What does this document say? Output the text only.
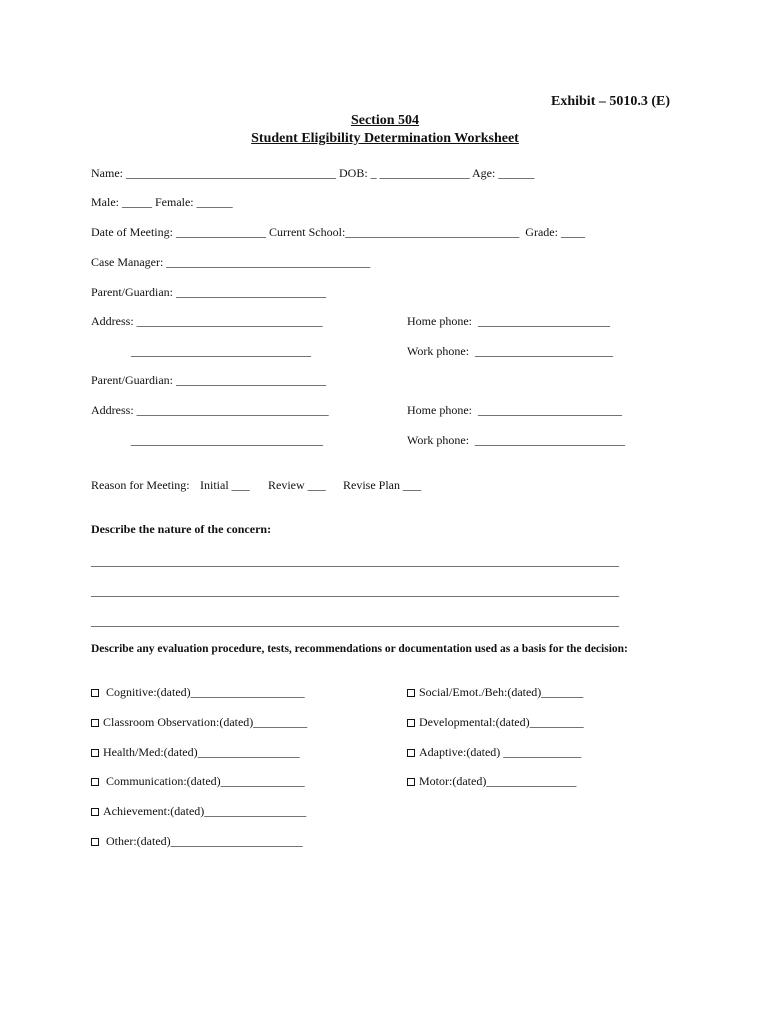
Exhibit – 5010.3 (E)
Section 504
Student Eligibility Determination Worksheet
Name: ___________________________________ DOB: _ _______________ Age: ______
Male: _____ Female: ______
Date of Meeting: _______________ Current School:_____________________________  Grade: ____
Case Manager: __________________________________
Parent/Guardian: _________________________
Address: _______________________________	Home phone:  ______________________
______________________________	Work phone:  _______________________
Parent/Guardian: _________________________
Address: ________________________________	Home phone:  ________________________
________________________________	Work phone:  _________________________
Reason for Meeting: Initial ___ Review ___ Revise Plan ___
Describe the nature of the concern:
________________________________________________________________________________________
________________________________________________________________________________________
________________________________________________________________________________________
Describe any evaluation procedure, tests, recommendations or documentation used as a basis for the decision:
Cognitive:(dated)___________________
Classroom Observation:(dated)_________
Health/Med:(dated)_________________
Communication:(dated)______________
Achievement:(dated)_________________
Other:(dated)______________________
Social/Emot./Beh:(dated)_______
Developmental:(dated)_________
Adaptive:(dated) _____________
Motor:(dated)_______________
